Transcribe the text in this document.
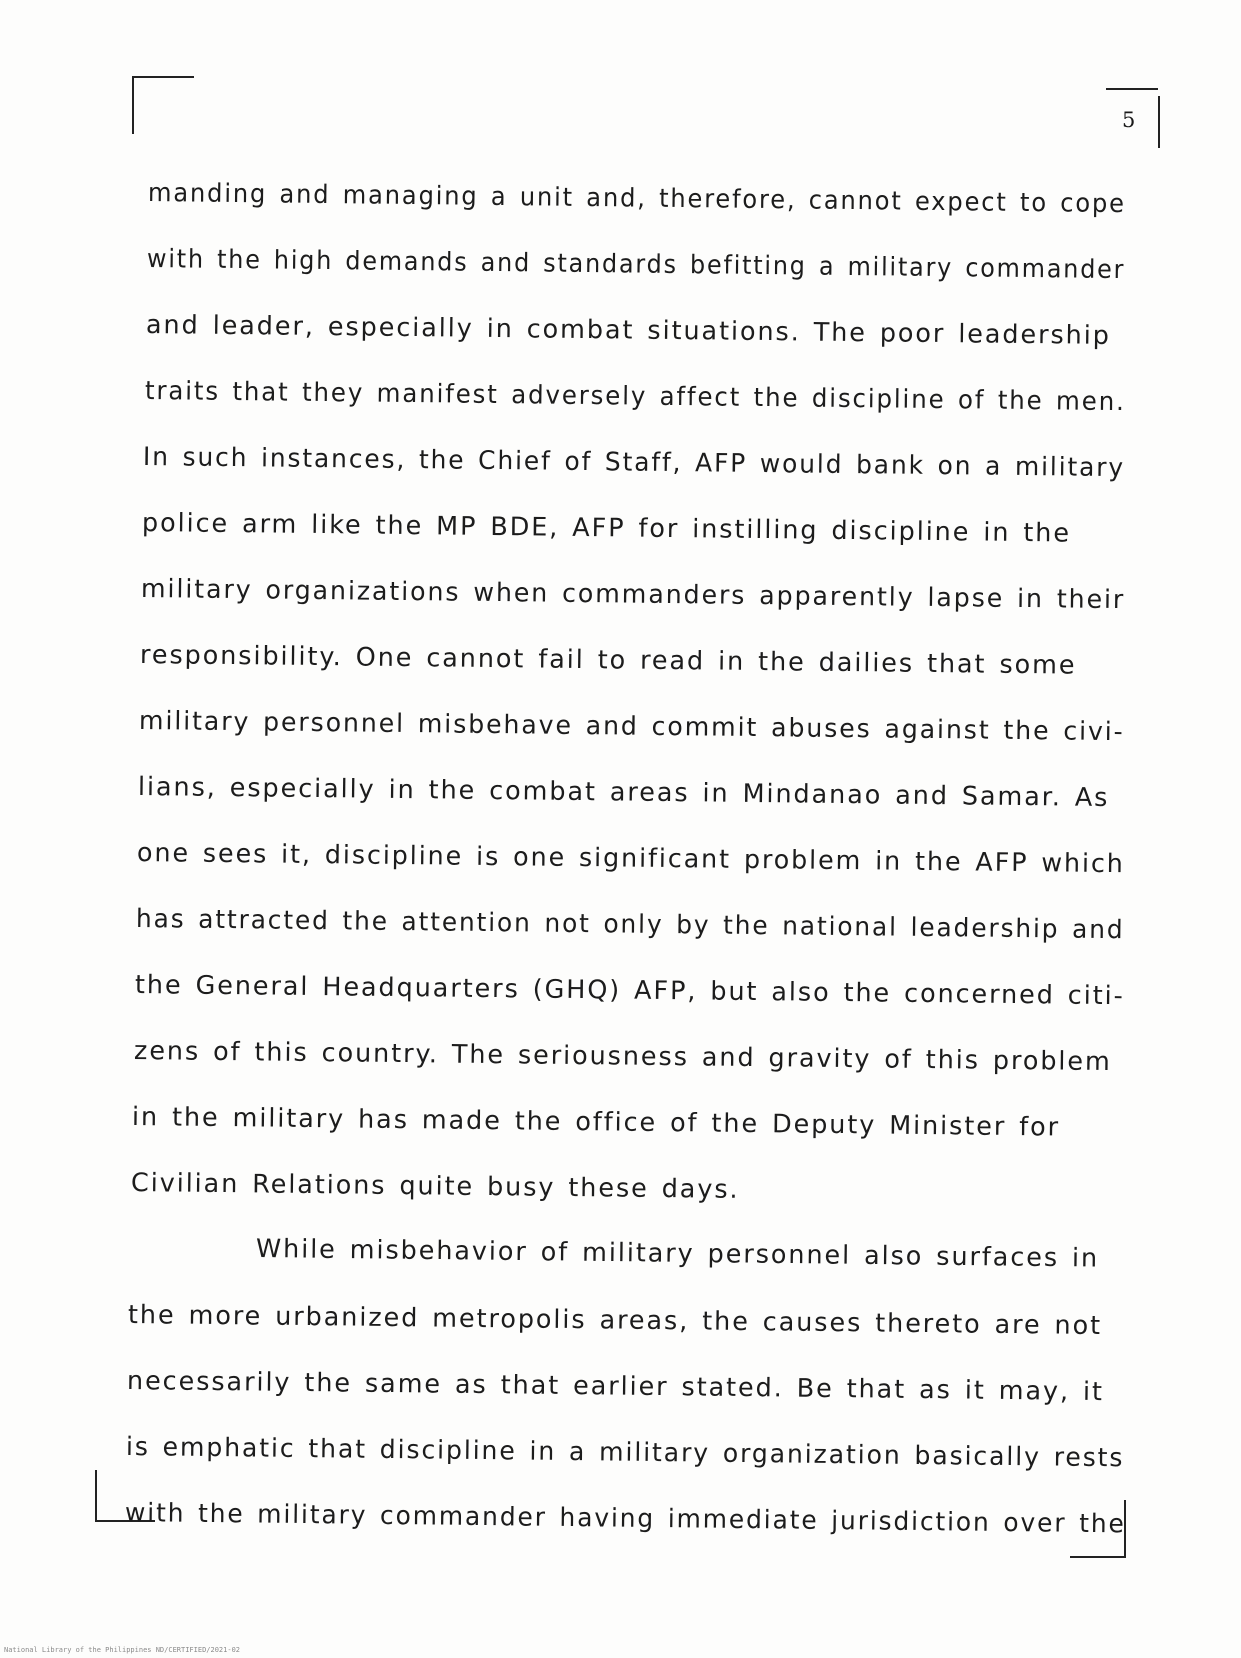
5
manding and managing a unit and, therefore, cannot expect to cope
with the high demands and standards befitting a military commander
and leader, especially in combat situations. The poor leadership
traits that they manifest adversely affect the discipline of the men.
In such instances, the Chief of Staff, AFP would bank on a military
police arm like the MP BDE, AFP for instilling discipline in the
military organizations when commanders apparently lapse in their
responsibility. One cannot fail to read in the dailies that some
military personnel misbehave and commit abuses against the civi-
lians, especially in the combat areas in Mindanao and Samar. As
one sees it, discipline is one significant problem in the AFP which
has attracted the attention not only by the national leadership and
the General Headquarters (GHQ) AFP, but also the concerned citi-
zens of this country. The seriousness and gravity of this problem
in the military has made the office of the Deputy Minister for
Civilian Relations quite busy these days.
While misbehavior of military personnel also surfaces in
the more urbanized metropolis areas, the causes thereto are not
necessarily the same as that earlier stated. Be that as it may, it
is emphatic that discipline in a military organization basically rests
with the military commander having immediate jurisdiction over the
National Library of the Philippines ND/CERTIFIED/2021-02
